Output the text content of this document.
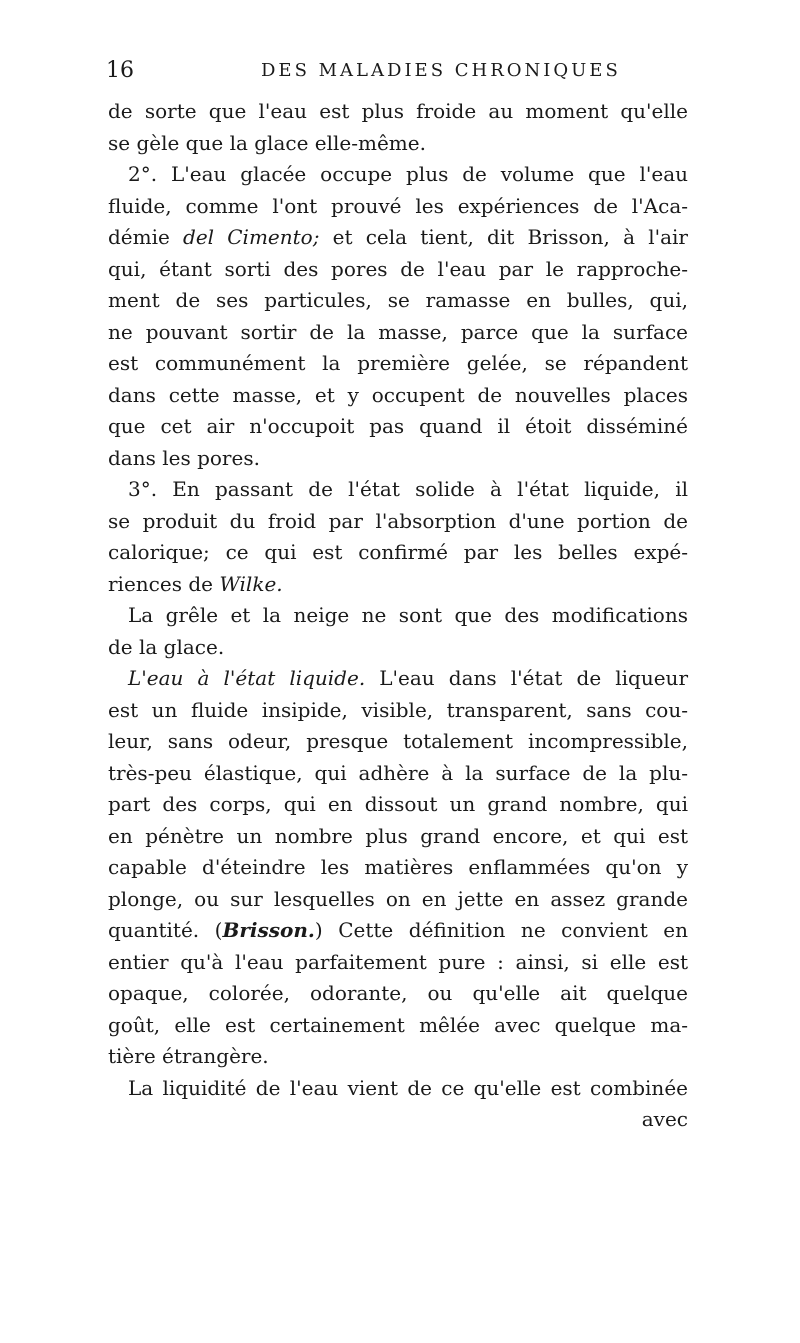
16	DES MALADIES CHRONIQUES
de sorte que l'eau est plus froide au moment qu'elle
se gèle que la glace elle-même.
2°. L'eau glacée occupe plus de volume que l'eau
fluide, comme l'ont prouvé les expériences de l'Aca-
démie del Cimento; et cela tient, dit Brisson, à l'air
qui, étant sorti des pores de l'eau par le rapproche-
ment de ses particules, se ramasse en bulles, qui,
ne pouvant sortir de la masse, parce que la surface
est communément la première gelée, se répandent
dans cette masse, et y occupent de nouvelles places
que cet air n'occupoit pas quand il étoit disséminé
dans les pores.
3°. En passant de l'état solide à l'état liquide, il
se produit du froid par l'absorption d'une portion de
calorique; ce qui est confirmé par les belles expé-
riences de Wilke.
La grêle et la neige ne sont que des modifications
de la glace.
L'eau à l'état liquide. L'eau dans l'état de liqueur
est un fluide insipide, visible, transparent, sans cou-
leur, sans odeur, presque totalement incompressible,
très-peu élastique, qui adhère à la surface de la plu-
part des corps, qui en dissout un grand nombre, qui
en pénètre un nombre plus grand encore, et qui est
capable d'éteindre les matières enflammées qu'on y
plonge, ou sur lesquelles on en jette en assez grande
quantité. (Brisson.) Cette définition ne convient en
entier qu'à l'eau parfaitement pure : ainsi, si elle est
opaque, colorée, odorante, ou qu'elle ait quelque
goût, elle est certainement mêlée avec quelque ma-
tière étrangère.
La liquidité de l'eau vient de ce qu'elle est combinée
avec
